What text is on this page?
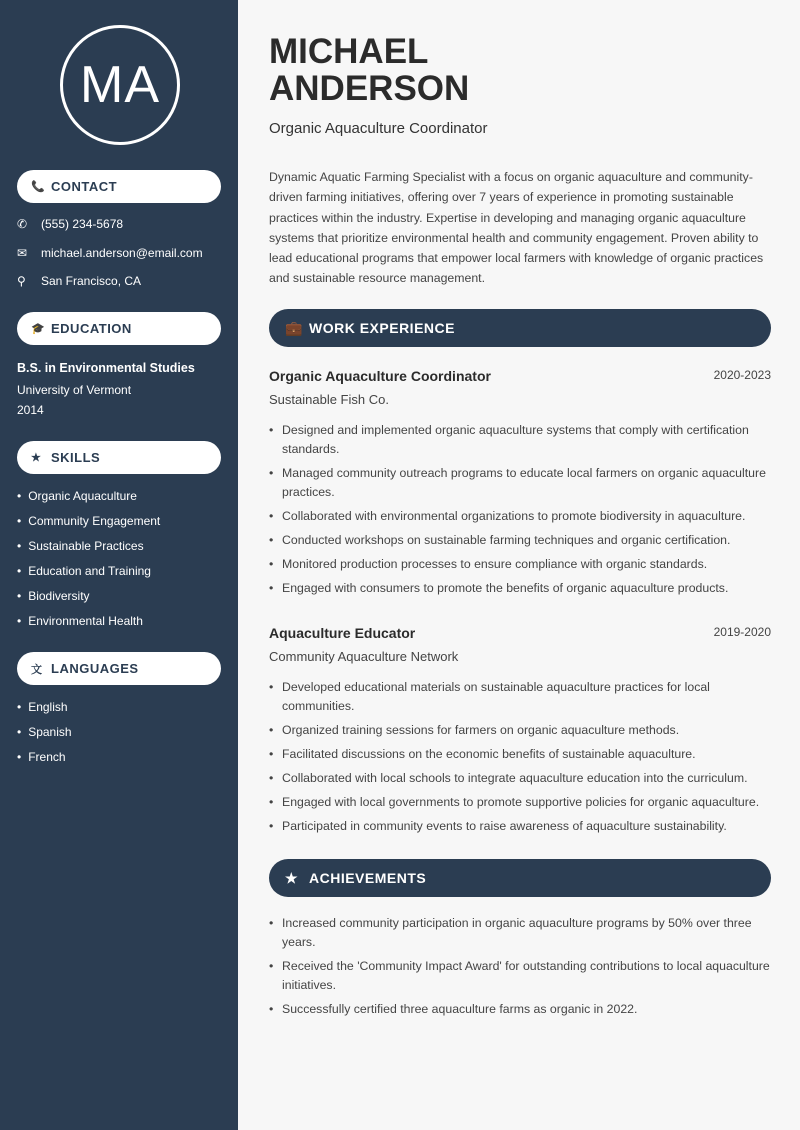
MA
📞 CONTACT
✆	(555) 234-5678
✉	michael.anderson@email.com
⚲	San Francisco, CA
🎓 EDUCATION
B.S. in Environmental Studies
University of Vermont
2014
★ SKILLS
• Organic Aquaculture
• Community Engagement
• Sustainable Practices
• Education and Training
• Biodiversity
• Environmental Health
文 LANGUAGES
• English
• Spanish
• French
MICHAEL
ANDERSON
Organic Aquaculture Coordinator
Dynamic Aquatic Farming Specialist with a focus on organic aquaculture and community-driven farming initiatives, offering over 7 years of experience in promoting sustainable practices within the industry. Expertise in developing and managing organic aquaculture systems that prioritize environmental health and community engagement. Proven ability to lead educational programs that empower local farmers with knowledge of organic practices and sustainable resource management.
💼 WORK EXPERIENCE
Organic Aquaculture Coordinator	2020-2023
Sustainable Fish Co.
• Designed and implemented organic aquaculture systems that comply with certification standards.
• Managed community outreach programs to educate local farmers on organic aquaculture practices.
• Collaborated with environmental organizations to promote biodiversity in aquaculture.
• Conducted workshops on sustainable farming techniques and organic certification.
• Monitored production processes to ensure compliance with organic standards.
• Engaged with consumers to promote the benefits of organic aquaculture products.
Aquaculture Educator	2019-2020
Community Aquaculture Network
• Developed educational materials on sustainable aquaculture practices for local communities.
• Organized training sessions for farmers on organic aquaculture methods.
• Facilitated discussions on the economic benefits of sustainable aquaculture.
• Collaborated with local schools to integrate aquaculture education into the curriculum.
• Engaged with local governments to promote supportive policies for organic aquaculture.
• Participated in community events to raise awareness of aquaculture sustainability.
★ ACHIEVEMENTS
• Increased community participation in organic aquaculture programs by 50% over three years.
• Received the 'Community Impact Award' for outstanding contributions to local aquaculture initiatives.
• Successfully certified three aquaculture farms as organic in 2022.
